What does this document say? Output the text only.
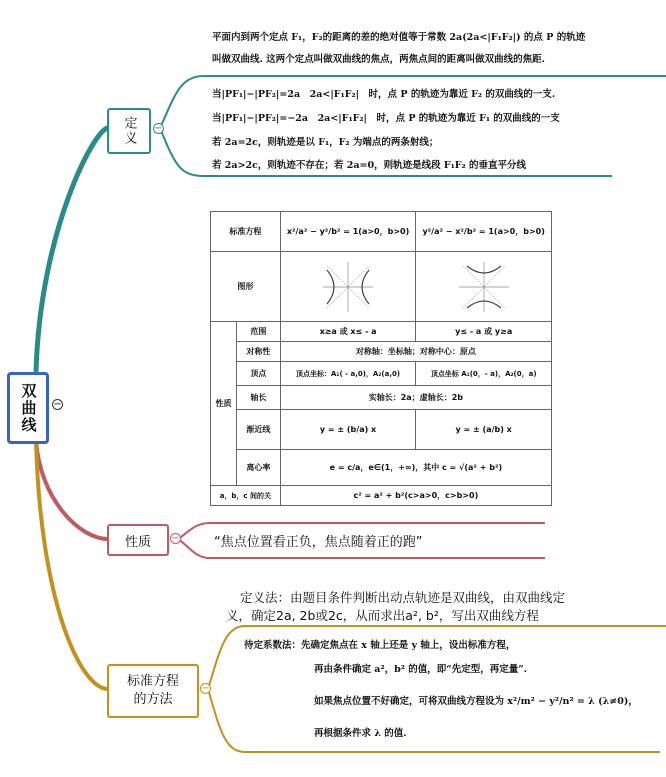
双曲线 −
定义 −
平面内到两个定点 F₁，F₂的距离的差的绝对值等于常数 2a(2a<|F₁F₂|) 的点 P 的轨迹
叫做双曲线. 这两个定点叫做双曲线的焦点，两焦点间的距离叫做双曲线的焦距.
当|PF₁|−|PF₂|=2a　2a<|F₁F₂|　时，点 P 的轨迹为靠近 F₂ 的双曲线的一支.
当|PF₁|−|PF₂|=−2a　2a<|F₁F₂|　时，点 P 的轨迹为靠近 F₁ 的双曲线的一支
若 2a=2c，则轨迹是以 F₁，F₂ 为端点的两条射线；
若 2a>2c，则轨迹不存在；若 2a=0，则轨迹是线段 F₁F₂ 的垂直平分线
标准方程		x²/a² − y²/b² = 1(a>0，b>0)	y²/a² − x²/b² = 1(a>0，b>0)
图形	

性质	范围	x≥a 或 x≤ - a	y≤ - a 或 y≥a
	对称性	对称轴：坐标轴；对称中心：原点	
	顶点	顶点坐标：A₁( - a,0)，A₂(a,0)	顶点坐标 A₁(0，- a)，A₂(0，a)
	轴长	实轴长：2a；虚轴长：2b	
	渐近线	y = ± (b/a) x	y = ± (a/b) x
	离心率	e = c/a，e∈(1，+∞)，其中 c = √(a² + b²)	
a，b，c 间的关		c² = a² + b²(c>a>0，c>b>0)	
性质 −	“焦点位置看正负，焦点随着正的跑”
标准方程的方法
−
定义法：由题目条件判断出动点轨迹是双曲线，由双曲线定
义，确定2a, 2b或2c，从而求出a², b²，写出双曲线方程
待定系数法：先确定焦点在 x 轴上还是 y 轴上，设出标准方程，
再由条件确定 a²，b² 的值，即“先定型，再定量”.
如果焦点位置不好确定，可将双曲线方程设为 x²/m² − y²/n² = λ (λ≠0)，
再根据条件求 λ 的值.
